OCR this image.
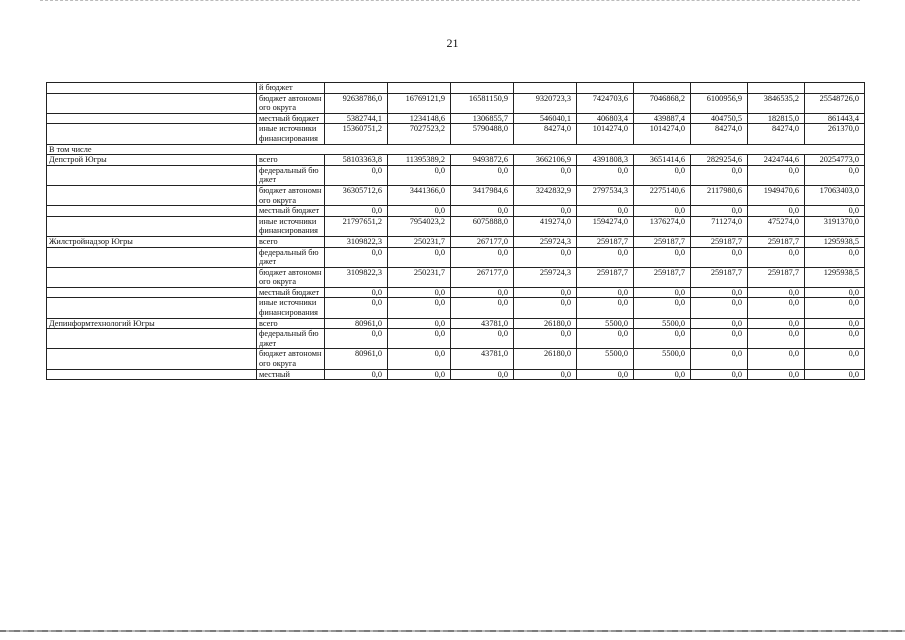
21
	й бюджет									
	бюджет автономного округа	92638786,0	16769121,9	16581150,9	9320723,3	7424703,6	7046868,2	6100956,9	3846535,2	25548726,0
	местный бюджет	5382744,1	1234148,6	1306855,7	546040,1	406803,4	439887,4	404750,5	182815,0	861443,4
	иные источники финансирования	15360751,2	7027523,2	5790488,0	84274,0	1014274,0	1014274,0	84274,0	84274,0	261370,0
В том числе										
Депстрой Югры	всего	58103363,8	11395389,2	9493872,6	3662106,9	4391808,3	3651414,6	2829254,6	2424744,6	20254773,0
	федеральный бюджет	0,0	0,0	0,0	0,0	0,0	0,0	0,0	0,0	0,0
	бюджет автономного округа	36305712,6	3441366,0	3417984,6	3242832,9	2797534,3	2275140,6	2117980,6	1949470,6	17063403,0
	местный бюджет	0,0	0,0	0,0	0,0	0,0	0,0	0,0	0,0	0,0
	иные источники финансирования	21797651,2	7954023,2	6075888,0	419274,0	1594274,0	1376274,0	711274,0	475274,0	3191370,0
Жилстройнадзор Югры	всего	3109822,3	250231,7	267177,0	259724,3	259187,7	259187,7	259187,7	259187,7	1295938,5
	федеральный бюджет	0,0	0,0	0,0	0,0	0,0	0,0	0,0	0,0	0,0
	бюджет автономного округа	3109822,3	250231,7	267177,0	259724,3	259187,7	259187,7	259187,7	259187,7	1295938,5
	местный бюджет	0,0	0,0	0,0	0,0	0,0	0,0	0,0	0,0	0,0
	иные источники финансирования	0,0	0,0	0,0	0,0	0,0	0,0	0,0	0,0	0,0
Депинформтехнологий Югры	всего	80961,0	0,0	43781,0	26180,0	5500,0	5500,0	0,0	0,0	0,0
	федеральный бюджет	0,0	0,0	0,0	0,0	0,0	0,0	0,0	0,0	0,0
	бюджет автономного округа	80961,0	0,0	43781,0	26180,0	5500,0	5500,0	0,0	0,0	0,0
	местный	0,0	0,0	0,0	0,0	0,0	0,0	0,0	0,0	0,0
